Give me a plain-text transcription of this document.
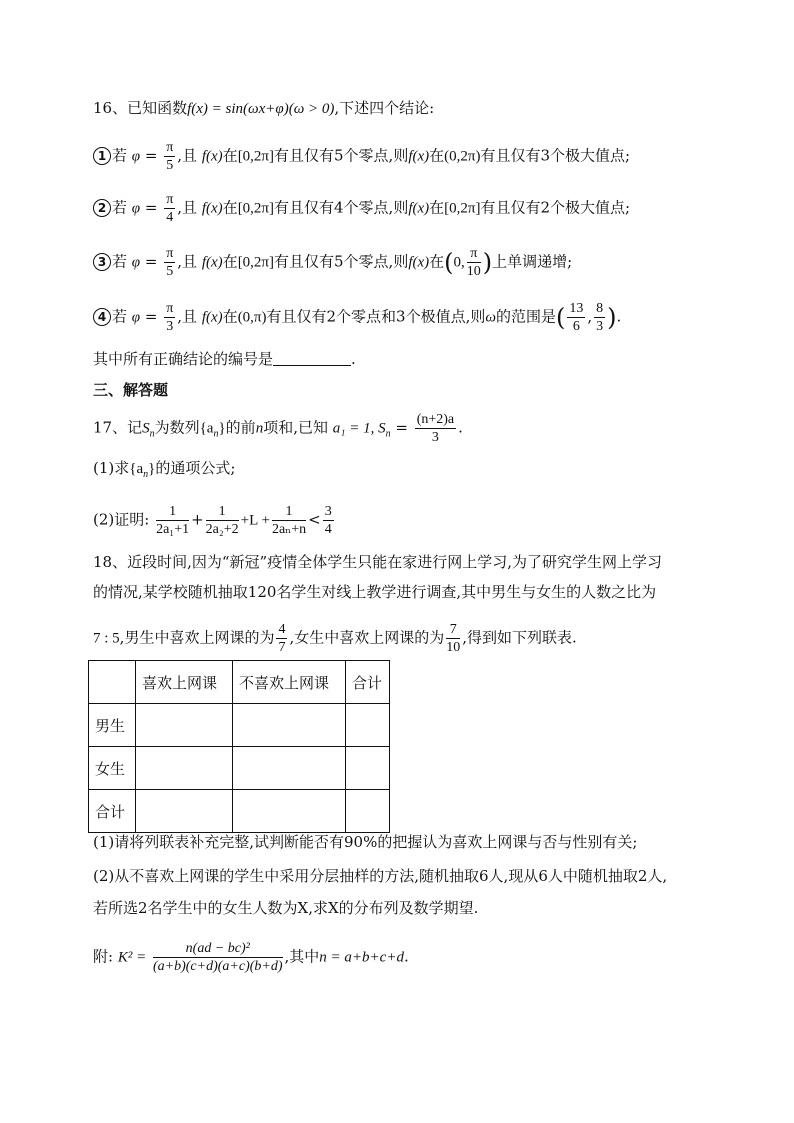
16、已知函数f(x) = sin(ωx+φ)(ω > 0),下述四个结论:
1 若 $\varphi = \frac{\pi}{5}$ ,且 f(x)在[0,2π]有且仅有5个零点,则f(x)在(0,2π)有且仅有3个极大值点;
2 若 $\varphi = \frac{\pi}{4}$ ,且 f(x)在[0,2π]有且仅有4个零点,则f(x)在[0,2π]有且仅有2个极大值点;
3 若 $\varphi = \frac{\pi}{5}$ ,且 f(x)在[0,2π]有且仅有5个零点,则f(x)在(0, $\frac{\pi}{10}$ )上单调递增;
4 若 $\varphi = \frac{\pi}{3}$ ,且 f(x)在(0,π)有且仅有2个零点和3个极值点,则ω的范围是( $\frac{13}{6}$ , $\frac{8}{3}$ ).
其中所有正确结论的编号是	.
三、解答题
17、记$S_n$为数列$\{a_n\}$的前n项和,已知 a₁ = 1, $S_n = \frac{(n+2)a}{3}$ .
(1)求$\{a_n\}$的通项公式;
(2)证明: $\frac{1}{\text{2a₁+1}} + \frac{1}{\text{2a₂+2}} +L + \frac{1}{\text{2aₙ+n}} < \frac{3}{4}$
18、近段时间,因为“新冠”疫情全体学生只能在家进行网上学习,为了研究学生网上学习
的情况,某学校随机抽取120名学生对线上教学进行调查,其中男生与女生的人数之比为
7 : 5,男生中喜欢上网课的为 $\frac{4}{7}$ ,女生中喜欢上网课的为 $\frac{7}{10}$ ,得到如下列联表.
	喜欢上网课	不喜欢上网课	合计
男生			
女生			
合计			
(1)请将列联表补充完整,试判断能否有90%的把握认为喜欢上网课与否与性别有关;
(2)从不喜欢上网课的学生中采用分层抽样的方法,随机抽取6人,现从6人中随机抽取2人,
若所选2名学生中的女生人数为X,求X的分布列及数学期望.
附: $K^2 = \frac{\text{n(ad − bc)²}}{(a+b)(c+d)(a+c)(b+d)}$ ,其中n = a+b+c+d.
